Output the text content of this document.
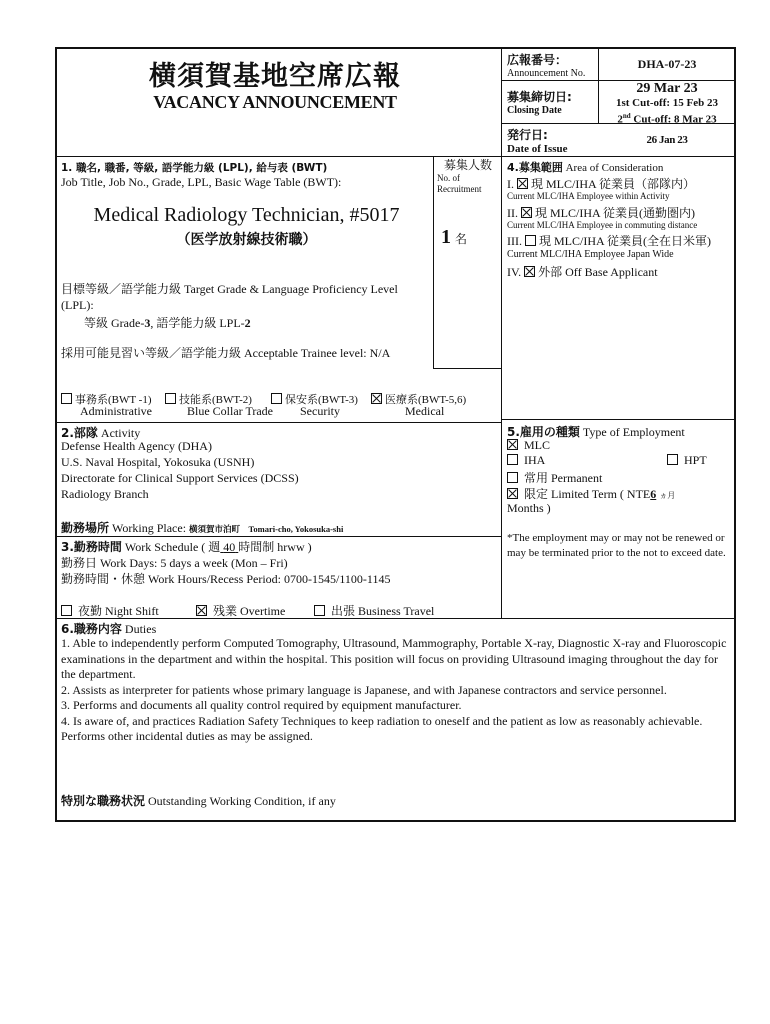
横須賀基地空席広報
VACANCY ANNOUNCEMENT
広報番号：
Announcement No.
DHA-07-23
募集締切日:
Closing Date
29 Mar 23
1st Cut-off: 15 Feb 23
2nd Cut-off: 8 Mar 23
発行日:
Date of Issue
26 Jan 23
1. 職名, 職番, 等級, 語学能力級 (LPL), 給与表 (BWT)
Job Title, Job No., Grade, LPL, Basic Wage Table (BWT):
Medical Radiology Technician, #5017
（医学放射線技術職）
目標等級／語学能力級 Target Grade & Language Proficiency Level (LPL):
等級 Grade-3, 語学能力級 LPL-2
採用可能見習い等級／語学能力級 Acceptable Trainee level: N/A
事務系(BWT -1)
Administrative
技能系(BWT-2)
Blue Collar Trade
保安系(BWT-3)
Security
医療系(BWT-5,6)
Medical
募集人数
No. of
Recruitment
1 名
4.募集範囲 Area of Consideration
I. 現 MLC/IHA 従業員（部隊内）
Current MLC/IHA Employee within Activity
II. 現 MLC/IHA 従業員(通勤圏内)
Current MLC/IHA Employee in commuting distance
III. 現 MLC/IHA 従業員(全在日米軍)
Current MLC/IHA Employee Japan Wide
IV. 外部 Off Base Applicant
2.部隊 Activity
Defense Health Agency (DHA)
U.S. Naval Hospital, Yokosuka (USNH)
Directorate for Clinical Support Services (DCSS)
Radiology Branch
勤務場所 Working Place: 横須賀市泊町　Tomari-cho, Yokosuka-shi
5.雇用の種類 Type of Employment
MLC
IHA	HPT
常用 Permanent
限定 Limited Term ( NTE6 ヵ月
Months )
*The employment may or may not be renewed or may be terminated prior to the not to exceed date.
3.勤務時間 Work Schedule ( 週 40 時間制 hrww )
勤務日 Work Days: 5 days a week (Mon – Fri)
勤務時間・休憩 Work Hours/Recess Period: 0700-1545/1100-1145
夜勤 Night Shift	残業 Overtime	出張 Business Travel
6.職務内容 Duties
1. Able to independently perform Computed Tomography, Ultrasound, Mammography, Portable X-ray, Diagnostic X-ray and Fluoroscopic examinations in the department and within the hospital. This position will focus on providing Ultrasound imaging throughout the day for the department.
2. Assists as interpreter for patients whose primary language is Japanese, and with Japanese contractors and service personnel.
3. Performs and documents all quality control required by equipment manufacturer.
4. Is aware of, and practices Radiation Safety Techniques to keep radiation to oneself and the patient as low as reasonably achievable.
Performs other incidental duties as may be assigned.
特別な職務状況 Outstanding Working Condition, if any
